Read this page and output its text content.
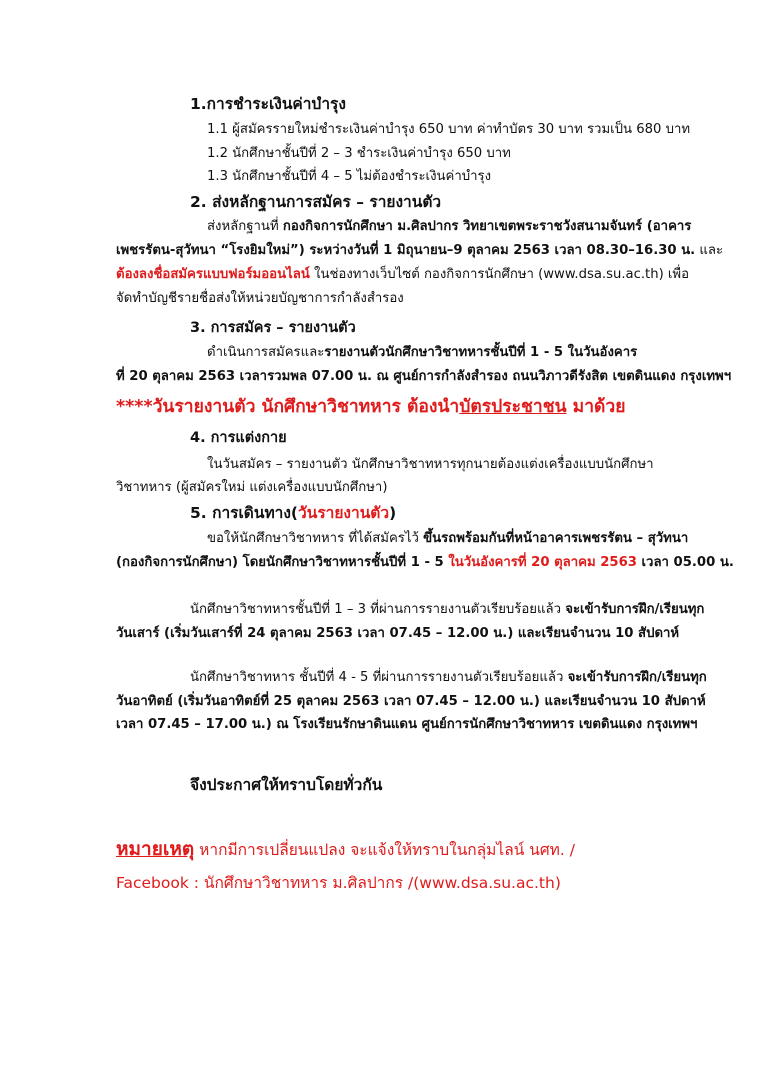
1.การชำระเงินค่าบำรุง
1.1 ผู้สมัครรายใหม่ชำระเงินค่าบำรุง 650 บาท ค่าทำบัตร 30 บาท รวมเป็น 680 บาท
1.2 นักศึกษาชั้นปีที่ 2 – 3 ชำระเงินค่าบำรุง 650 บาท
1.3 นักศึกษาชั้นปีที่ 4 – 5 ไม่ต้องชำระเงินค่าบำรุง
2. ส่งหลักฐานการสมัคร – รายงานตัว
ส่งหลักฐานที่ กองกิจการนักศึกษา ม.ศิลปากร วิทยาเขตพระราชวังสนามจันทร์ (อาคาร
เพชรรัตน-สุวัทนา “โรงยิมใหม่”) ระหว่างวันที่ 1 มิถุนายน–9 ตุลาคม 2563 เวลา 08.30–16.30 น. และ
ต้องลงชื่อสมัครแบบฟอร์มออนไลน์ ในช่องทางเว็บไซต์ กองกิจการนักศึกษา (www.dsa.su.ac.th) เพื่อ
จัดทำบัญชีรายชื่อส่งให้หน่วยบัญชาการกำลังสำรอง
3. การสมัคร – รายงานตัว
ดำเนินการสมัครและรายงานตัวนักศึกษาวิชาทหารชั้นปีที่ 1 - 5 ในวันอังคาร
ที่ 20 ตุลาคม 2563 เวลารวมพล 07.00 น. ณ ศูนย์การกำลังสำรอง ถนนวิภาวดีรังสิต เขตดินแดง กรุงเทพฯ
****วันรายงานตัว นักศึกษาวิชาทหาร ต้องนำบัตรประชาชน มาด้วย
4. การแต่งกาย
ในวันสมัคร – รายงานตัว นักศึกษาวิชาทหารทุกนายต้องแต่งเครื่องแบบนักศึกษา
วิชาทหาร (ผู้สมัครใหม่ แต่งเครื่องแบบนักศึกษา)
5. การเดินทาง(วันรายงานตัว)
ขอให้นักศึกษาวิชาทหาร ที่ได้สมัครไว้ ขึ้นรถพร้อมกันที่หน้าอาคารเพชรรัตน – สุวัทนา
(กองกิจการนักศึกษา) โดยนักศึกษาวิชาทหารชั้นปีที่ 1 - 5 ในวันอังคารที่ 20 ตุลาคม 2563 เวลา 05.00 น.
นักศึกษาวิชาทหารชั้นปีที่ 1 – 3 ที่ผ่านการรายงานตัวเรียบร้อยแล้ว จะเข้ารับการฝึก/เรียนทุก
วันเสาร์ (เริ่มวันเสาร์ที่ 24 ตุลาคม 2563 เวลา 07.45 – 12.00 น.) และเรียนจำนวน 10 สัปดาห์
นักศึกษาวิชาทหาร ชั้นปีที่ 4 - 5 ที่ผ่านการรายงานตัวเรียบร้อยแล้ว จะเข้ารับการฝึก/เรียนทุก
วันอาทิตย์ (เริ่มวันอาทิตย์ที่ 25 ตุลาคม 2563 เวลา 07.45 – 12.00 น.) และเรียนจำนวน 10 สัปดาห์
เวลา 07.45 – 17.00 น.) ณ โรงเรียนรักษาดินแดน ศูนย์การนักศึกษาวิชาทหาร เขตดินแดง กรุงเทพฯ
จึงประกาศให้ทราบโดยทั่วกัน
หมายเหตุ หากมีการเปลี่ยนแปลง จะแจ้งให้ทราบในกลุ่มไลน์ นศท. /
Facebook : นักศึกษาวิชาทหาร ม.ศิลปากร /(www.dsa.su.ac.th)
